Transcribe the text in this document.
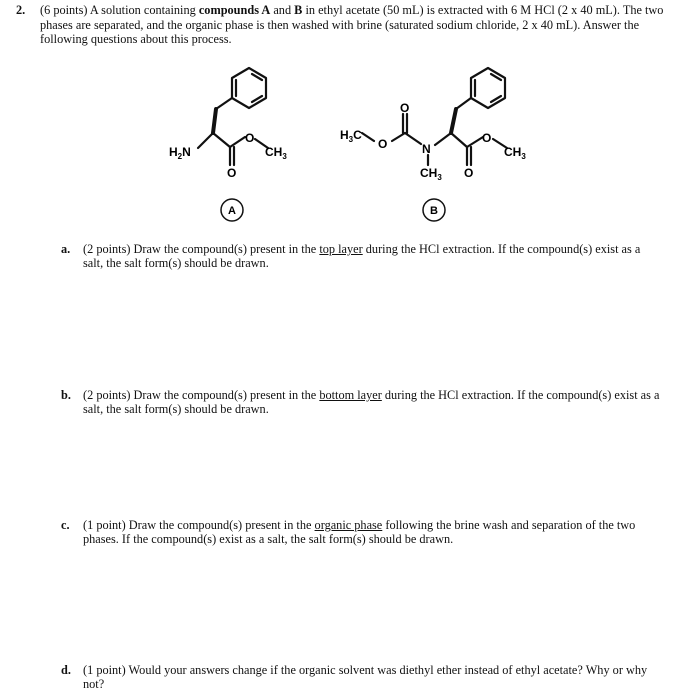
2. (6 points) A solution containing compounds A and B in ethyl acetate (50 mL) is extracted with 6 M HCl (2 x 40 mL). The two phases are separated, and the organic phase is then washed with brine (saturated sodium chloride, 2 x 40 mL). Answer the following questions about this process.
$H_2N$
O
$CH_3$
O
$H_3C$
O
O
N
$CH_3$
O
$CH_3$
O
A	B
a. (2 points) Draw the compound(s) present in the top layer during the HCl extraction. If the compound(s) exist as a salt, the salt form(s) should be drawn.
b. (2 points) Draw the compound(s) present in the bottom layer during the HCl extraction. If the compound(s) exist as a salt, the salt form(s) should be drawn.
c. (1 point) Draw the compound(s) present in the organic phase following the brine wash and separation of the two phases. If the compound(s) exist as a salt, the salt form(s) should be drawn.
d. (1 point) Would your answers change if the organic solvent was diethyl ether instead of ethyl acetate? Why or why not?
